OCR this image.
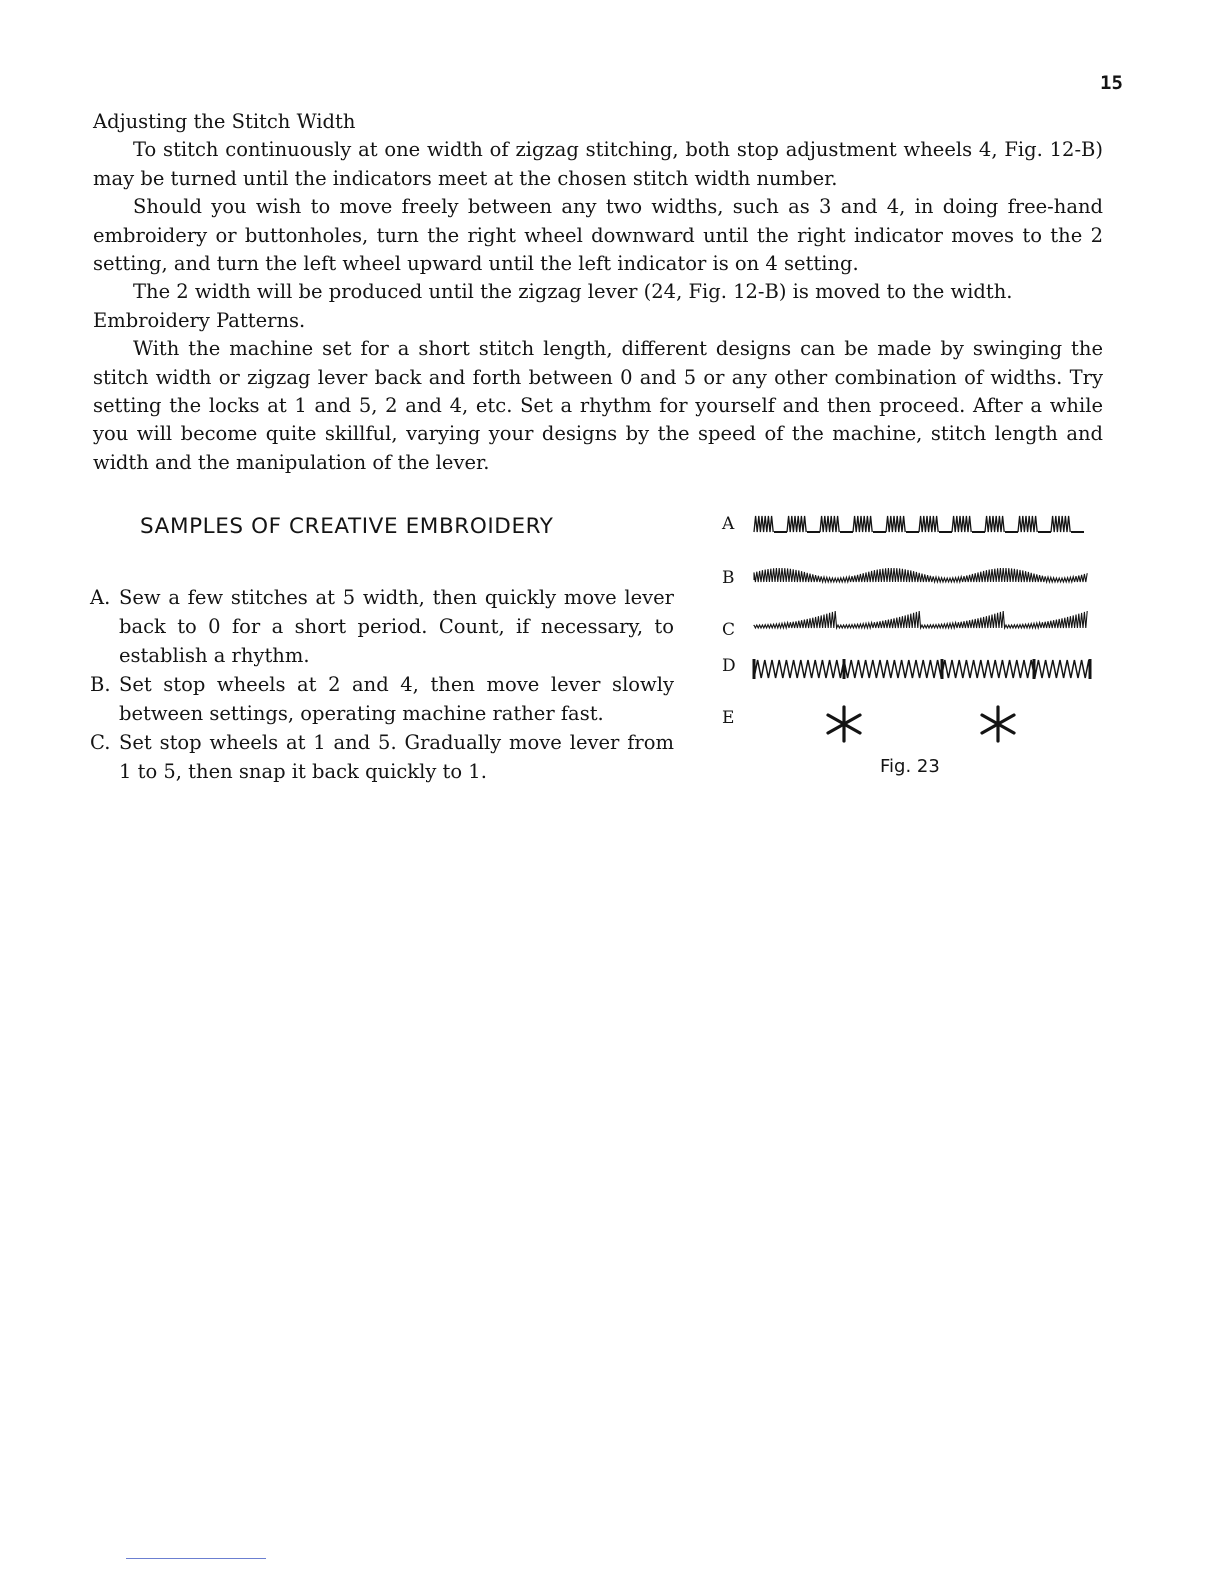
15
Adjusting the Stitch Width

To stitch continuously at one width of zigzag stitching, both stop adjustment wheels 4, Fig. 12-B) may be turned until the indicators meet at the chosen stitch width number.

Should you wish to move freely between any two widths, such as 3 and 4, in doing free-hand embroidery or buttonholes, turn the right wheel downward until the right indicator moves to the 2 setting, and turn the left wheel upward until the left indicator is on 4 setting.

The 2 width will be produced until the zigzag lever (24, Fig. 12-B) is moved to the width.

Embroidery Patterns.

With the machine set for a short stitch length, different designs can be made by swinging the stitch width or zigzag lever back and forth between 0 and 5 or any other combination of widths. Try setting the locks at 1 and 5, 2 and 4, etc. Set a rhythm for yourself and then proceed. After a while you will become quite skillful, varying your designs by the speed of the machine, stitch length and width and the manipulation of the lever.

SAMPLES OF CREATIVE EMBROIDERY
A. Sew a few stitches at 5 width, then quickly move lever back to 0 for a short period. Count, if necessary, to establish a rhythm.
B. Set stop wheels at 2 and 4, then move lever slowly between settings, operating machine rather fast.
C. Set stop wheels at 1 and 5. Gradually move lever from 1 to 5, then snap it back quickly to 1.
A
B
C
D
E
Fig. 23
